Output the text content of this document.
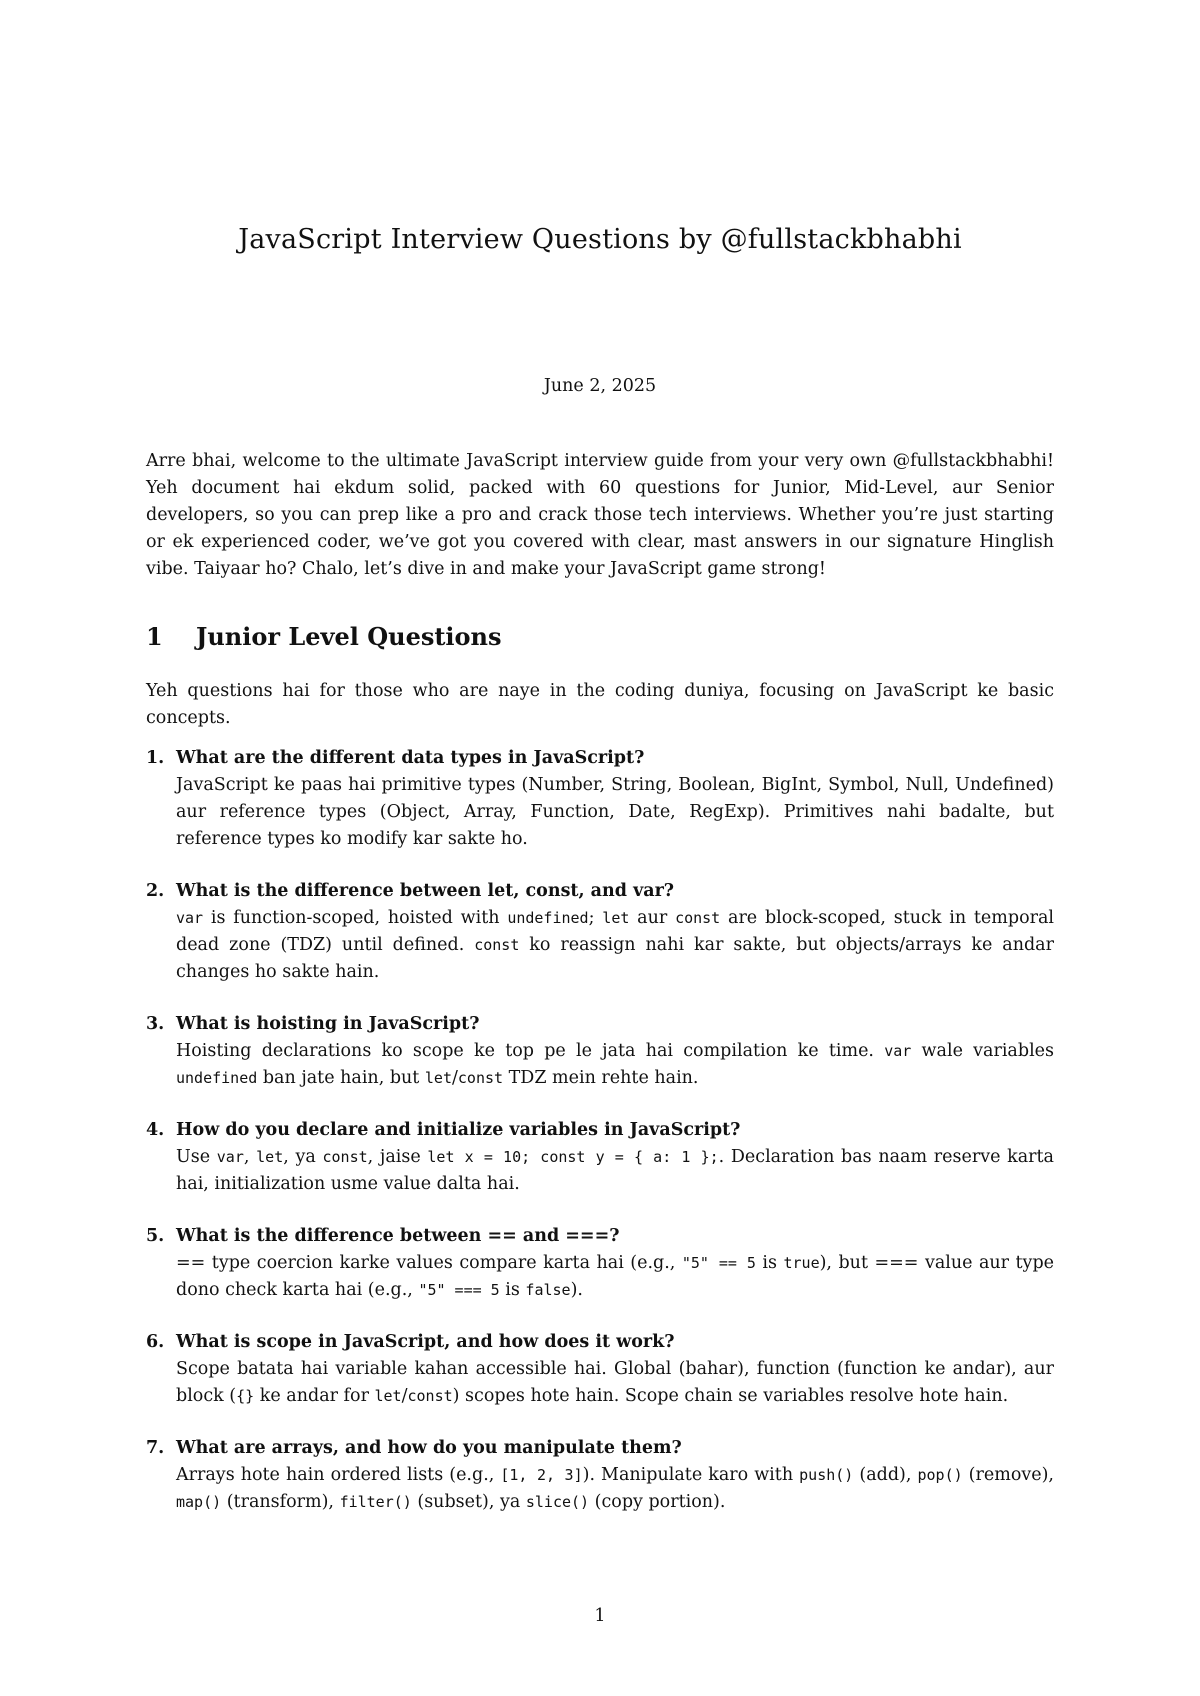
JavaScript Interview Questions by @fullstackbhabhi
June 2, 2025

Arre bhai, welcome to the ultimate JavaScript interview guide from your very own @fullstackbhabhi! Yeh document hai ekdum solid, packed with 60 questions for Junior, Mid-Level, aur Senior developers, so you can prep like a pro and crack those tech interviews. Whether you’re just starting or ek experienced coder, we’ve got you covered with clear, mast answers in our signature Hinglish vibe. Taiyaar ho? Chalo, let’s dive in and make your JavaScript game strong!

1 Junior Level Questions

Yeh questions hai for those who are naye in the coding duniya, focusing on JavaScript ke basic concepts.

1. What are the different data types in JavaScript?
JavaScript ke paas hai primitive types (Number, String, Boolean, BigInt, Symbol, Null, Undefined) aur reference types (Object, Array, Function, Date, RegExp). Primitives nahi badalte, but reference types ko modify kar sakte ho.
2. What is the difference between let, const, and var?
var is function-scoped, hoisted with undefined; let aur const are block-scoped, stuck in temporal dead zone (TDZ) until defined. const ko reassign nahi kar sakte, but objects/arrays ke andar changes ho sakte hain.
3. What is hoisting in JavaScript?
Hoisting declarations ko scope ke top pe le jata hai compilation ke time. var wale variables undefined ban jate hain, but let/const TDZ mein rehte hain.
4. How do you declare and initialize variables in JavaScript?
Use var, let, ya const, jaise let x = 10; const y = { a: 1 };. Declaration bas naam reserve karta hai, initialization usme value dalta hai.
5. What is the difference between == and ===?
== type coercion karke values compare karta hai (e.g., "5" == 5 is true), but === value aur type dono check karta hai (e.g., "5" === 5 is false).
6. What is scope in JavaScript, and how does it work?
Scope batata hai variable kahan accessible hai. Global (bahar), function (function ke andar), aur block ({} ke andar for let/const) scopes hote hain. Scope chain se variables resolve hote hain.
7. What are arrays, and how do you manipulate them?
Arrays hote hain ordered lists (e.g., [1, 2, 3]). Manipulate karo with push() (add), pop() (remove), map() (transform), filter() (subset), ya slice() (copy portion).
1
